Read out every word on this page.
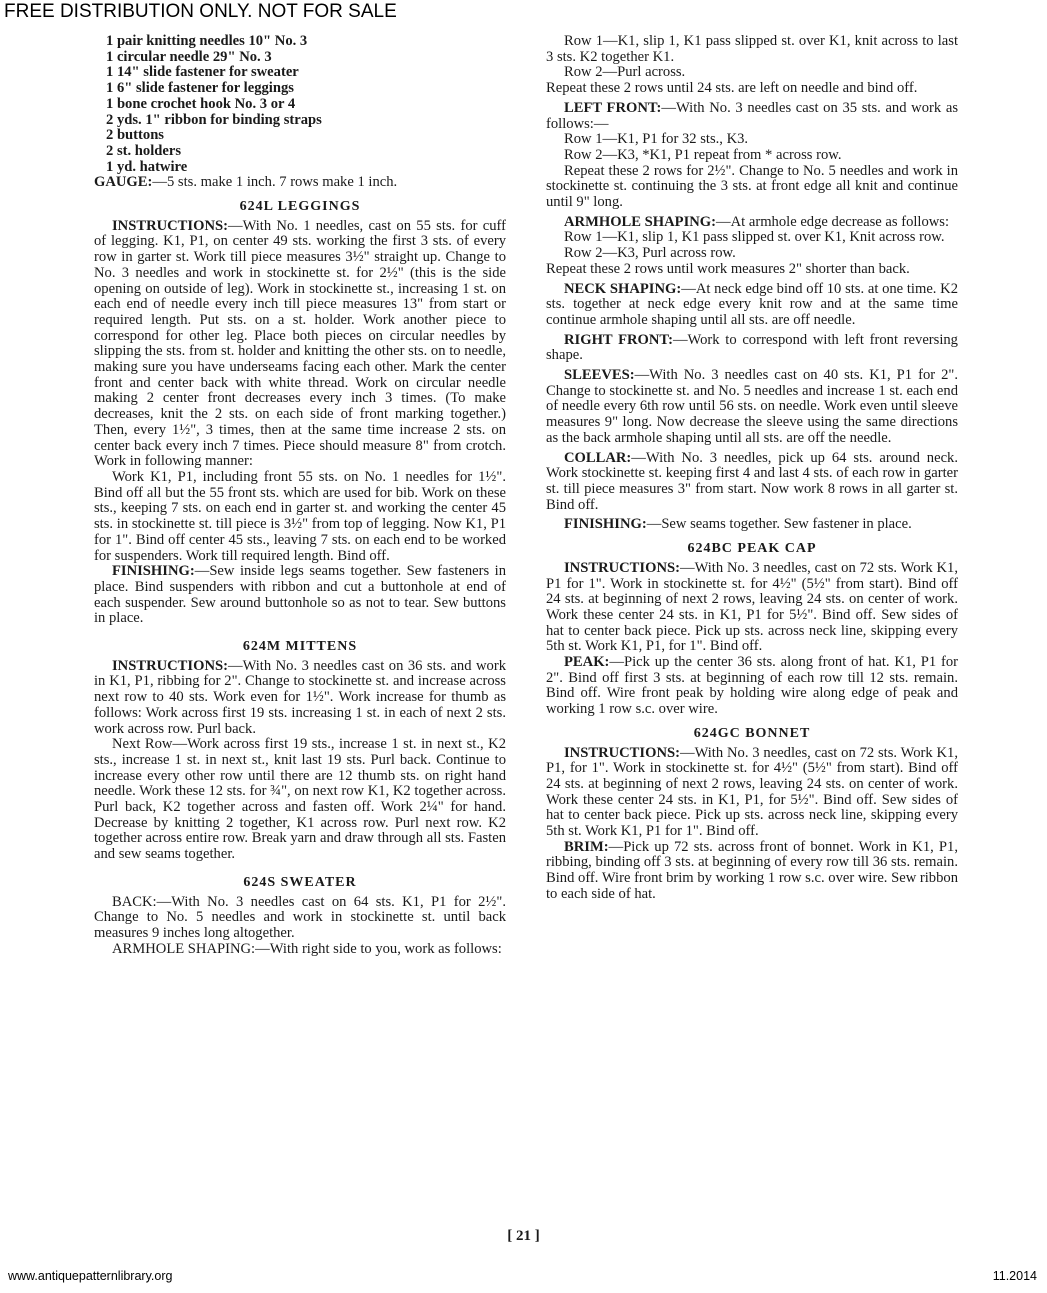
FREE DISTRIBUTION ONLY. NOT FOR SALE

1 pair knitting needles 10" No. 3

1 circular needle 29" No. 3

1 14" slide fastener for sweater

1 6" slide fastener for leggings

1 bone crochet hook No. 3 or 4

2 yds. 1" ribbon for binding straps

2 buttons

2 st. holders

1 yd. hatwire

GAUGE:—5 sts. make 1 inch. 7 rows make 1 inch.

624L LEGGINGS

INSTRUCTIONS:—With No. 1 needles, cast on 55 sts. for cuff of legging. K1, P1, on center 49 sts. working the first 3 sts. of every row in garter st. Work till piece measures 3½" straight up. Change to No. 3 needles and work in stockinette st. for 2½" (this is the side opening on outside of leg). Work in stockinette st., increasing 1 st. on each end of needle every inch till piece measures 13" from start or required length. Put sts. on a st. holder. Work another piece to correspond for other leg. Place both pieces on circular needles by slipping the sts. from st. holder and knitting the other sts. on to needle, making sure you have underseams facing each other. Mark the center front and center back with white thread. Work on circular needle making 2 center front decreases every inch 3 times. (To make decreases, knit the 2 sts. on each side of front marking together.) Then, every 1½", 3 times, then at the same time increase 2 sts. on center back every inch 7 times. Piece should measure 8" from crotch. Work in following manner:

Work K1, P1, including front 55 sts. on No. 1 needles for 1½". Bind off all but the 55 front sts. which are used for bib. Work on these sts., keeping 7 sts. on each end in garter st. and working the center 45 sts. in stockinette st. till piece is 3½" from top of legging. Now K1, P1 for 1". Bind off center 45 sts., leaving 7 sts. on each end to be worked for suspenders. Work till required length. Bind off.

FINISHING:—Sew inside legs seams together. Sew fasteners in place. Bind suspenders with ribbon and cut a buttonhole at end of each suspender. Sew around buttonhole so as not to tear. Sew buttons in place.

624M MITTENS

INSTRUCTIONS:—With No. 3 needles cast on 36 sts. and work in K1, P1, ribbing for 2". Change to stockinette st. and increase across next row to 40 sts. Work even for 1½". Work increase for thumb as follows: Work across first 19 sts. increasing 1 st. in each of next 2 sts. work across row. Purl back.

Next Row—Work across first 19 sts., increase 1 st. in next st., K2 sts., increase 1 st. in next st., knit last 19 sts. Purl back. Continue to increase every other row until there are 12 thumb sts. on right hand needle. Work these 12 sts. for ¾", on next row K1, K2 together across. Purl back, K2 together across and fasten off. Work 2¼" for hand. Decrease by knitting 2 together, K1 across row. Purl next row. K2 together across entire row. Break yarn and draw through all sts. Fasten and sew seams together.

624S SWEATER

BACK:—With No. 3 needles cast on 64 sts. K1, P1 for 2½". Change to No. 5 needles and work in stockinette st. until back measures 9 inches long altogether.

ARMHOLE SHAPING:—With right side to you, work as follows:

Row 1—K1, slip 1, K1 pass slipped st. over K1, knit across to last 3 sts. K2 together K1.

Row 2—Purl across.

Repeat these 2 rows until 24 sts. are left on needle and bind off.

LEFT FRONT:—With No. 3 needles cast on 35 sts. and work as follows:—

Row 1—K1, P1 for 32 sts., K3.

Row 2—K3, *K1, P1 repeat from * across row.

Repeat these 2 rows for 2½". Change to No. 5 needles and work in stockinette st. continuing the 3 sts. at front edge all knit and continue until 9" long.

ARMHOLE SHAPING:—At armhole edge decrease as follows:

Row 1—K1, slip 1, K1 pass slipped st. over K1, Knit across row.

Row 2—K3, Purl across row.

Repeat these 2 rows until work measures 2" shorter than back.

NECK SHAPING:—At neck edge bind off 10 sts. at one time. K2 sts. together at neck edge every knit row and at the same time continue armhole shaping until all sts. are off needle.

RIGHT FRONT:—Work to correspond with left front reversing shape.

SLEEVES:—With No. 3 needles cast on 40 sts. K1, P1 for 2". Change to stockinette st. and No. 5 needles and increase 1 st. each end of needle every 6th row until 56 sts. on needle. Work even until sleeve measures 9" long. Now decrease the sleeve using the same directions as the back armhole shaping until all sts. are off the needle.

COLLAR:—With No. 3 needles, pick up 64 sts. around neck. Work stockinette st. keeping first 4 and last 4 sts. of each row in garter st. till piece measures 3" from start. Now work 8 rows in all garter st. Bind off.

FINISHING:—Sew seams together. Sew fastener in place.

624BC PEAK CAP

INSTRUCTIONS:—With No. 3 needles, cast on 72 sts. Work K1, P1 for 1". Work in stockinette st. for 4½" (5½" from start). Bind off 24 sts. at beginning of next 2 rows, leaving 24 sts. on center of work. Work these center 24 sts. in K1, P1 for 5½". Bind off. Sew sides of hat to center back piece. Pick up sts. across neck line, skipping every 5th st. Work K1, P1, for 1". Bind off.

PEAK:—Pick up the center 36 sts. along front of hat. K1, P1 for 2". Bind off first 3 sts. at beginning of each row till 12 sts. remain. Bind off. Wire front peak by holding wire along edge of peak and working 1 row s.c. over wire.

624GC BONNET

INSTRUCTIONS:—With No. 3 needles, cast on 72 sts. Work K1, P1, for 1". Work in stockinette st. for 4½" (5½" from start). Bind off 24 sts. at beginning of next 2 rows, leaving 24 sts. on center of work. Work these center 24 sts. in K1, P1, for 5½". Bind off. Sew sides of hat to center back piece. Pick up sts. across neck line, skipping every 5th st. Work K1, P1 for 1". Bind off.

BRIM:—Pick up 72 sts. across front of bonnet. Work in K1, P1, ribbing, binding off 3 sts. at beginning of every row till 36 sts. remain. Bind off. Wire front brim by working 1 row s.c. over wire. Sew ribbon to each side of hat.

[ 21 ]
www.antiquepatternlibrary.org	11.2014
